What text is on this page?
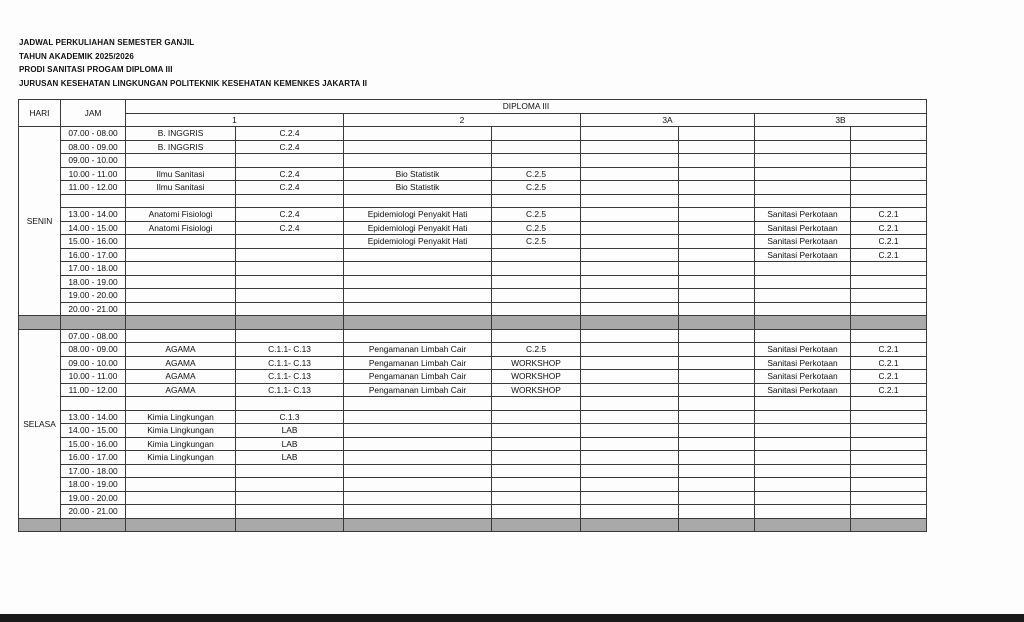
JADWAL PERKULIAHAN SEMESTER GANJIL
TAHUN AKADEMIK 2025/2026
PRODI SANITASI PROGAM DIPLOMA III
JURUSAN KESEHATAN LINGKUNGAN POLITEKNIK KESEHATAN KEMENKES JAKARTA II
HARI	JAM	DIPLOMA III							
		1		2		3A		3B	
SENIN	07.00 - 08.00	B. INGGRIS	C.2.4						
	08.00 - 09.00	B. INGGRIS	C.2.4						
	09.00 - 10.00								
	10.00 - 11.00	Ilmu Sanitasi	C.2.4	Bio Statistik	C.2.5				
	11.00 - 12.00	Ilmu Sanitasi	C.2.4	Bio Statistik	C.2.5				

	13.00 - 14.00	Anatomi Fisiologi	C.2.4	Epidemiologi Penyakit Hati	C.2.5			Sanitasi Perkotaan	C.2.1
	14.00 - 15.00	Anatomi Fisiologi	C.2.4	Epidemiologi Penyakit Hati	C.2.5			Sanitasi Perkotaan	C.2.1
	15.00 - 16.00			Epidemiologi Penyakit Hati	C.2.5			Sanitasi Perkotaan	C.2.1
	16.00 - 17.00							Sanitasi Perkotaan	C.2.1
	17.00 - 18.00								
	18.00 - 19.00								
	19.00 - 20.00								
	20.00 - 21.00								

SELASA	07.00 - 08.00								
	08.00 - 09.00	AGAMA	C.1.1- C.13	Pengamanan Limbah Cair	C.2.5			Sanitasi Perkotaan	C.2.1
	09.00 - 10.00	AGAMA	C.1.1- C.13	Pengamanan Limbah Cair	WORKSHOP			Sanitasi Perkotaan	C.2.1
	10.00 - 11.00	AGAMA	C.1.1- C.13	Pengamanan Limbah Cair	WORKSHOP			Sanitasi Perkotaan	C.2.1
	11.00 - 12.00	AGAMA	C.1.1- C.13	Pengamanan Limbah Cair	WORKSHOP			Sanitasi Perkotaan	C.2.1

	13.00 - 14.00	Kimia Lingkungan	C.1.3						
	14.00 - 15.00	Kimia Lingkungan	LAB						
	15.00 - 16.00	Kimia Lingkungan	LAB						
	16.00 - 17.00	Kimia Lingkungan	LAB						
	17.00 - 18.00								
	18.00 - 19.00								
	19.00 - 20.00								
	20.00 - 21.00								
